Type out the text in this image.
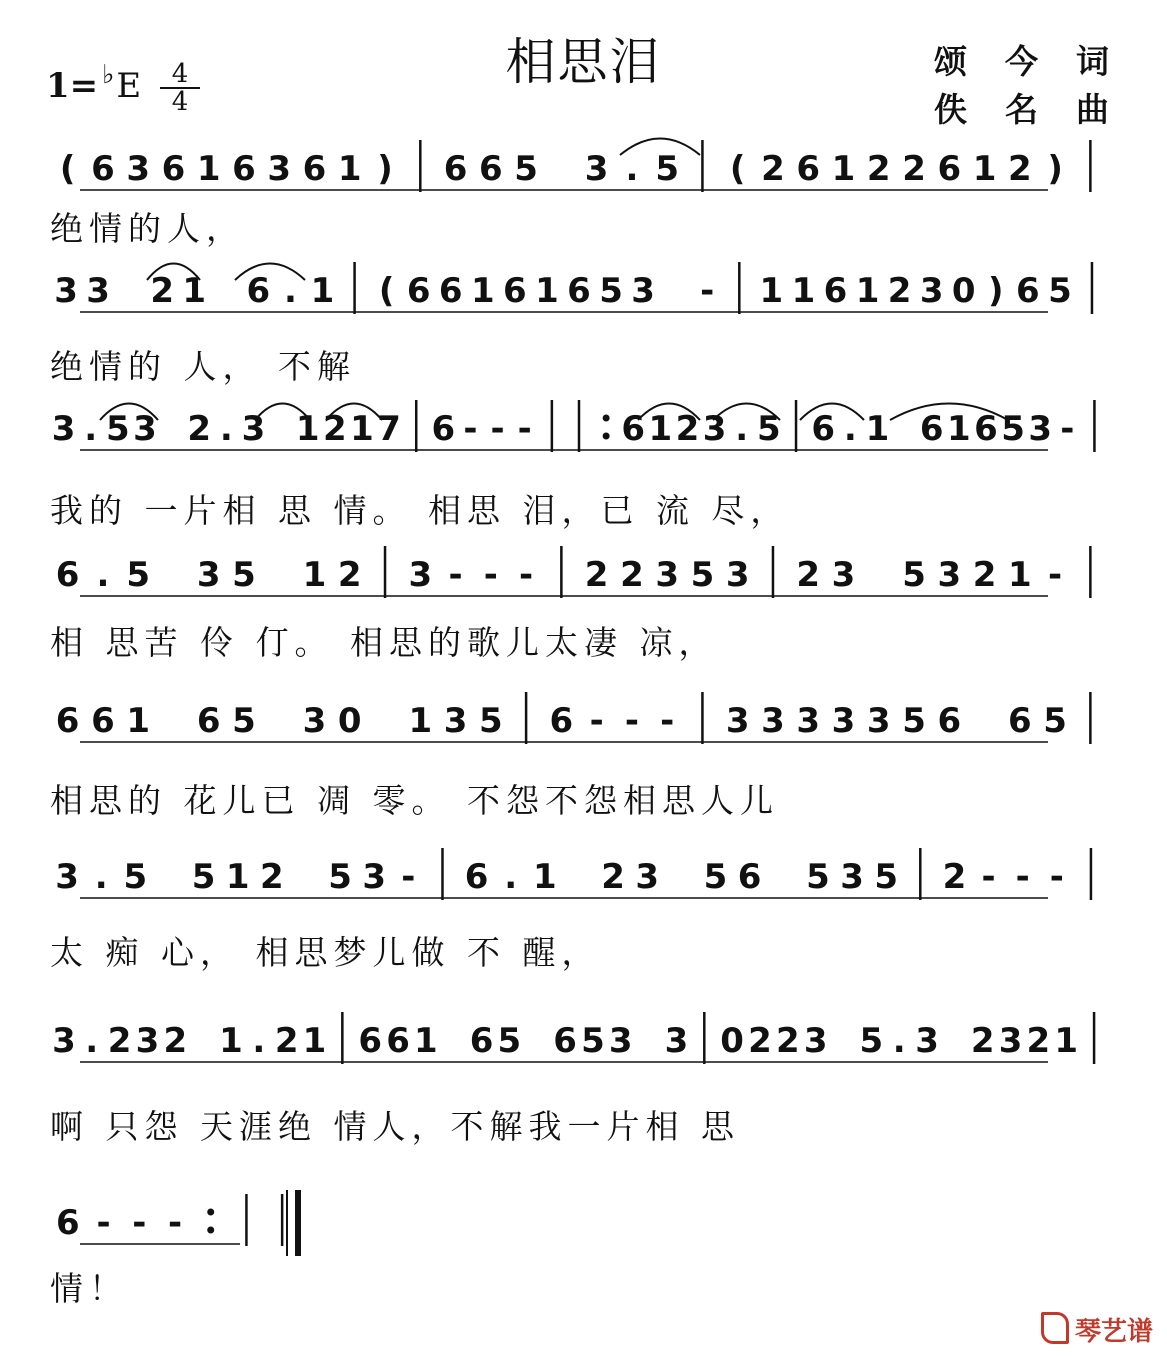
相思泪	颂今词
佚名曲
1= ♭E	4
4
( 6 3 6 1 6 3 6 1 ) 6 6 5 3 . 5 ( 2 6 1 2 2 6 1 2 )
绝情的人，
3 3 2 1 6 . 1 ( 6 6 1 6 1 6 5 3 - 1 1 6 1 2 3 0 ) 6 5
绝情的 人， 不解
3 . 5 3 2 . 3 1 2 1 7 6 - - -	6 1 2 3 . 5 6 . 1 6 1 6 5 3 -
我的 一片相 思 情。 相思 泪，已 流 尽，
6 . 5 3 5 1 2 3 - - - 2 2 3 5 3 2 3 5 3 2 1 -
相 思苦 伶 仃。 相思的歌儿太凄 凉，
6 6 1 6 5 3 0 1 3 5 6 - - - 3 3 3 3 3 5 6 6 5
相思的 花儿已 凋 零。 不怨不怨相思人儿
3 . 5 5 1 2 5 3 - 6 . 1 2 3 5 6 5 3 5 2 - - -
太 痴 心， 相思梦儿做 不 醒，
3 . 2 3 2 1 . 2 1 6 6 1 6 5 6 5 3 3 0 2 2 3 5 . 3 2 3 2 1
啊 只怨 天涯绝 情人，不解我一片相 思
6 - - -
情！
琴艺谱
